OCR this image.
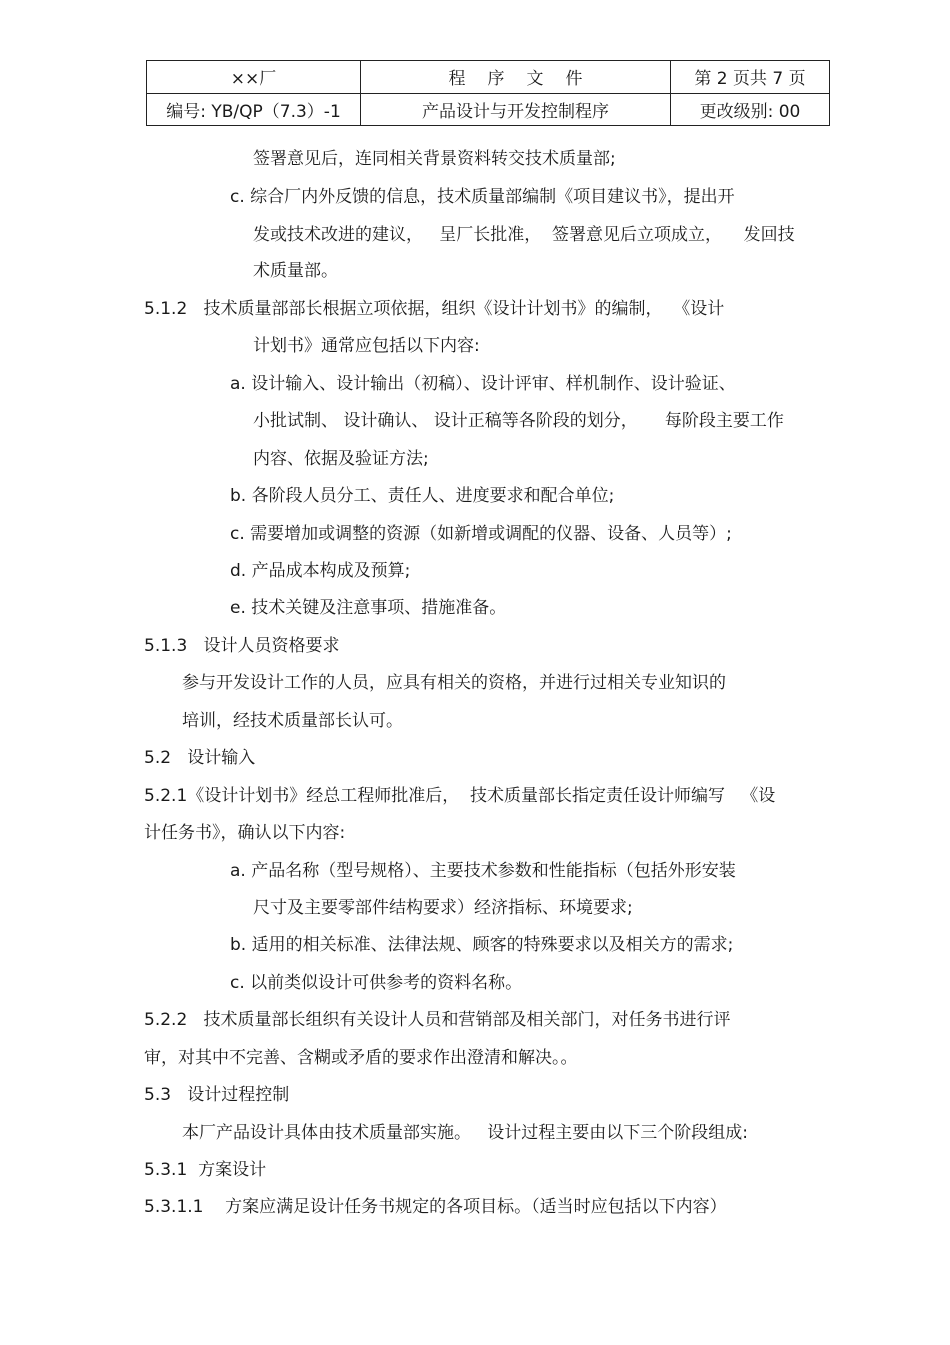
××厂	程序文件	第 2 页共 7 页
编号: YB/QP（7.3）-1	产品设计与开发控制程序	更改级别: 00
签署意见后，连同相关背景资料转交技术质量部;
c. 综合厂内外反馈的信息，技术质量部编制《项目建议书》，提出开
发或技术改进的建议，   呈厂长批准，  签署意见后立项成立，    发回技
术质量部。
5.1.2   技术质量部部长根据立项依据，组织《设计计划书》的编制，  《设计
计划书》通常应包括以下内容:
a. 设计输入、设计输出（初稿）、设计评审、样机制作、设计验证、
小批试制、 设计确认、 设计正稿等各阶段的划分，     每阶段主要工作
内容、依据及验证方法;
b. 各阶段人员分工、责任人、进度要求和配合单位;
c. 需要增加或调整的资源（如新增或调配的仪器、设备、人员等）;
d. 产品成本构成及预算;
e. 技术关键及注意事项、措施准备。
5.1.3   设计人员资格要求
参与开发设计工作的人员，应具有相关的资格，并进行过相关专业知识的
培训，经技术质量部长认可。
5.2   设计输入
5.2.1《设计计划书》经总工程师批准后，  技术质量部长指定责任设计师编写   《设
计任务书》，确认以下内容:
a. 产品名称（型号规格）、主要技术参数和性能指标（包括外形安装
尺寸及主要零部件结构要求）经济指标、环境要求;
b. 适用的相关标准、法律法规、顾客的特殊要求以及相关方的需求;
c. 以前类似设计可供参考的资料名称。
5.2.2   技术质量部长组织有关设计人员和营销部及相关部门，对任务书进行评
审，对其中不完善、含糊或矛盾的要求作出澄清和解决。。
5.3   设计过程控制
本厂产品设计具体由技术质量部实施。   设计过程主要由以下三个阶段组成:
5.3.1  方案设计
5.3.1.1    方案应满足设计任务书规定的各项目标。（适当时应包括以下内容）
